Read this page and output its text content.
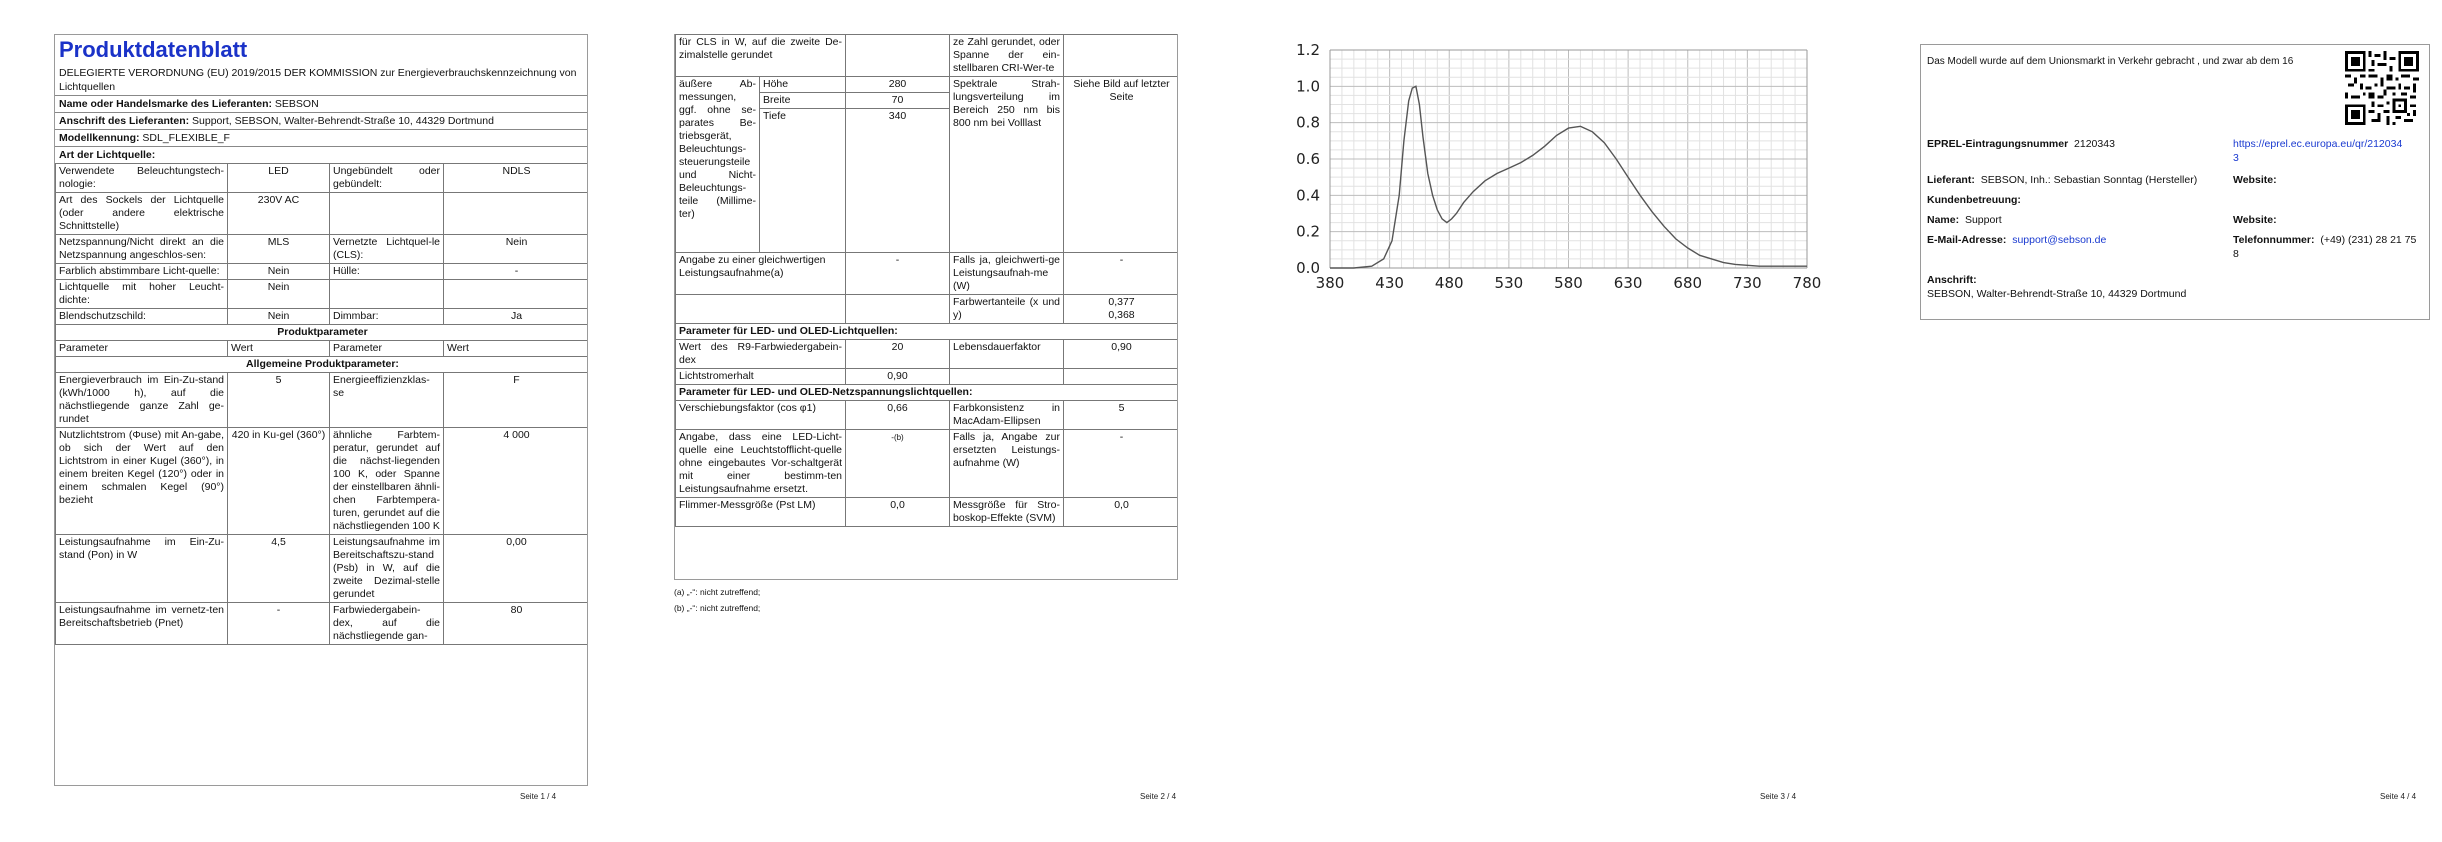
Produktdatenblatt
DELEGIERTE VERORDNUNG (EU) 2019/2015 DER KOMMISSION zur Energieverbrauchskennzeichnung von Lichtquellen
Name oder Handelsmarke des Lieferanten: SEBSON
Anschrift des Lieferanten: Support, SEBSON, Walter-Behrendt-Straße 10, 44329 Dortmund
Modellkennung: SDL_FLEXIBLE_F
Art der Lichtquelle:
Verwendete Beleuchtungstech-nologie:	LED	Ungebündelt oder gebündelt:	NDLS
Art des Sockels der Lichtquelle (oder andere elektrische Schnittstelle)	230V AC		
Netzspannung/Nicht direkt an die Netzspannung angeschlos-sen:	MLS	Vernetzte Lichtquel-le (CLS):	Nein
Farblich abstimmbare Licht-quelle:	Nein	Hülle:	-
Lichtquelle mit hoher Leucht-dichte:	Nein		
Blendschutzschild:	Nein	Dimmbar:	Ja
Produktparameter			
Parameter	Wert	Parameter	Wert
Allgemeine Produktparameter:			
Energieverbrauch im Ein-Zu-stand (kWh/1000 h), auf die nächstliegende ganze Zahl ge-rundet	5	Energieeffizienzklas-se	F
Nutzlichtstrom (Φuse) mit An-gabe, ob sich der Wert auf den Lichtstrom in einer Kugel (360°), in einem breiten Kegel (120°) oder in einem schmalen Kegel (90°) bezieht	420 in Ku-gel (360°)	ähnliche Farbtem-peratur, gerundet auf die nächst-liegenden 100 K, oder Spanne der einstellbaren ähnli-chen Farbtempera-turen, gerundet auf die nächstliegenden 100 K	4 000
Leistungsaufnahme im Ein-Zu-stand (Pon) in W	4,5	Leistungsaufnahme im Bereitschaftszu-stand (Psb) in W, auf die zweite Dezimal-stelle gerundet	0,00
Leistungsaufnahme im vernetz-ten Bereitschaftsbetrieb (Pnet)	-	Farbwiedergabein-dex, auf die nächstliegende gan-	80
Seite 1 / 4
für CLS in W, auf die zweite De-zimalstelle gerundet			ze Zahl gerundet, oder Spanne der ein-stellbaren CRI-Wer-te	
äußere Ab-messungen, ggf. ohne se-parates Be-triebsgerät, Beleuchtungs-steuerungsteile und Nicht-Beleuchtungs-teile (Millime-ter)	Höhe	280	Spektrale Strah-lungsverteilung im Bereich 250 nm bis 800 nm bei Volllast	Siehe Bild auf letzter Seite
	Breite	70		
	Tiefe	340		
Angabe zu einer gleichwertigen Leistungsaufnahme(a)		-	Falls ja, gleichwerti-ge Leistungsaufnah-me (W)	-
			Farbwertanteile (x und y)	0,377
0,368

Parameter für LED- und OLED-Lichtquellen:				
Wert des R9-Farbwiedergabein-dex		20	Lebensdauerfaktor	0,90
Lichtstromerhalt		0,90		
Parameter für LED- und OLED-Netzspannungslichtquellen:				
Verschiebungsfaktor (cos φ1)		0,66	Farbkonsistenz in MacAdam-Ellipsen	5
Angabe, dass eine LED-Licht-quelle eine Leuchtstofflicht-quelle ohne eingebautes Vor-schaltgerät mit einer bestimm-ten Leistungsaufnahme ersetzt.		-(b)	Falls ja, Angabe zur ersetzten Leistungs-aufnahme (W)	-
Flimmer-Messgröße (Pst LM)		0,0	Messgröße für Stro-boskop-Effekte (SVM)	0,0
(a) „-“: nicht zutreffend;
(b) „-“: nicht zutreffend;
Seite 2 / 4
380 430 480 530 580 630 680 730 780
0.0
0.2
0.4
0.6
0.8
1.0
1.2
Seite 3 / 4
Das Modell wurde auf dem Unionsmarkt in Verkehr gebracht , und zwar ab dem 16
EPREL-Eintragungsnummer 2120343	https://eprel.ec.europa.eu/qr/2120343
Lieferant: SEBSON, Inh.: Sebastian Sonntag (Hersteller)	Website:
Kundenbetreuung:
Name: Support	Website:
E-Mail-Adresse: support@sebson.de	Telefonnummer: (+49) (231) 28 21 75 8
Anschrift:
SEBSON, Walter-Behrendt-Straße 10, 44329 Dortmund
Seite 4 / 4
